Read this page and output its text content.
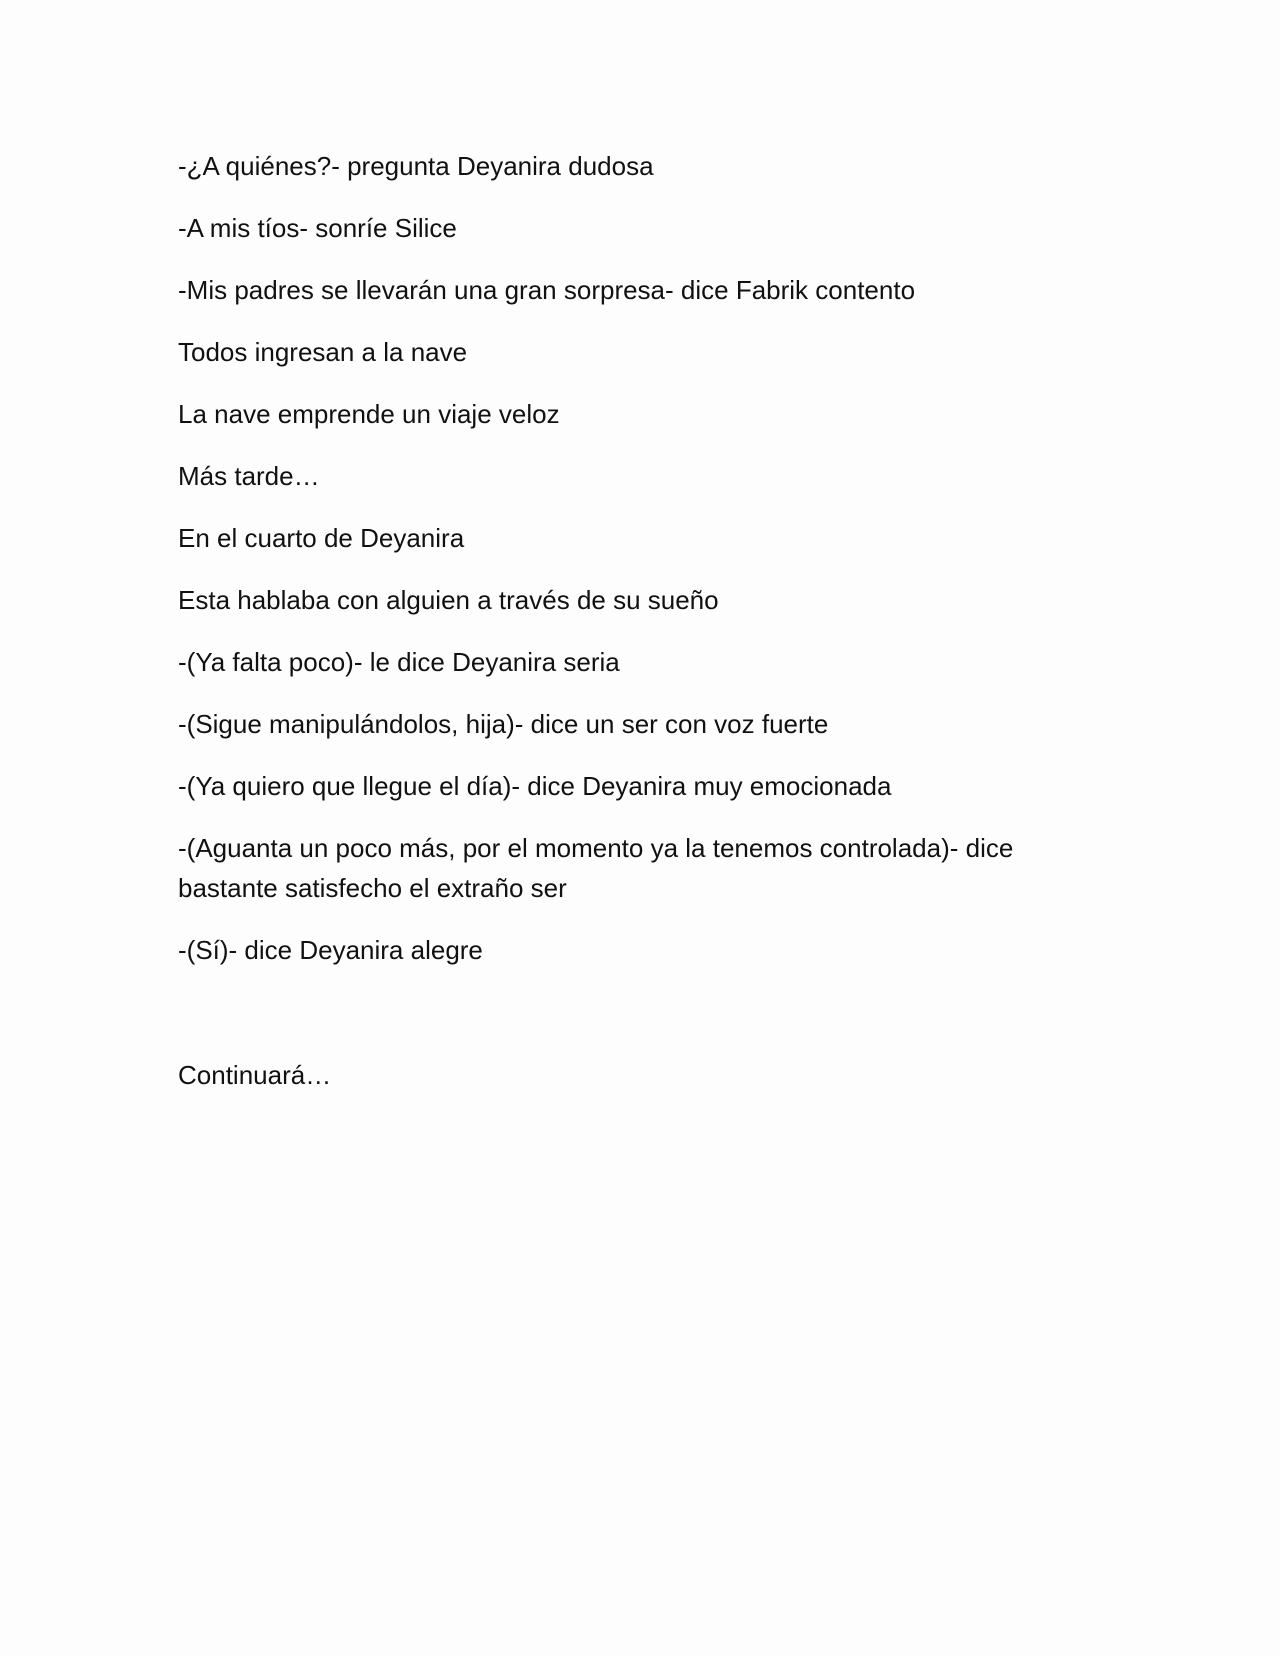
-¿A quiénes?- pregunta Deyanira dudosa

-A mis tíos- sonríe Silice

-Mis padres se llevarán una gran sorpresa- dice Fabrik contento

Todos ingresan a la nave

La nave emprende un viaje veloz

Más tarde…

En el cuarto de Deyanira

Esta hablaba con alguien a través de su sueño

-(Ya falta poco)- le dice Deyanira seria

-(Sigue manipulándolos, hija)- dice un ser con voz fuerte

-(Ya quiero que llegue el día)- dice Deyanira muy emocionada

-(Aguanta un poco más, por el momento ya la tenemos controlada)- dice bastante satisfecho el extraño ser

-(Sí)- dice Deyanira alegre

Continuará…
